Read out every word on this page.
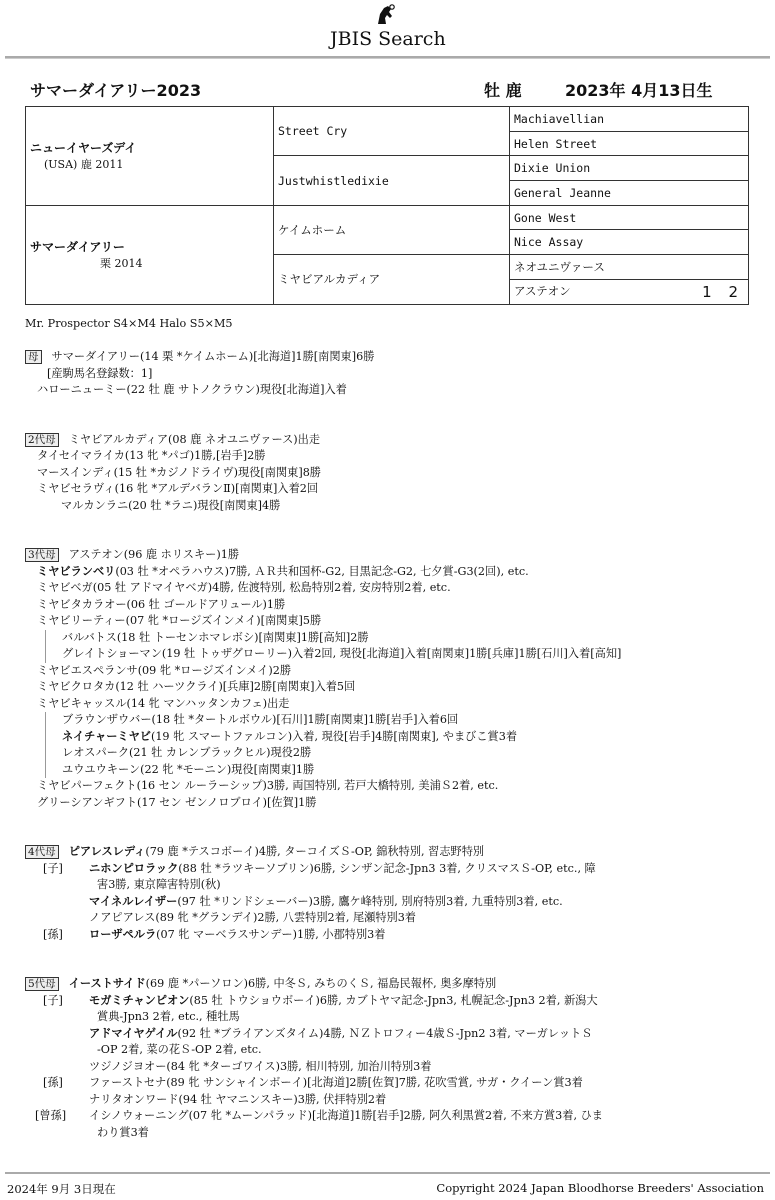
JBIS Search
サマーダイアリー2023	牡 鹿	2023年 4月13日生
ニューイヤーズデイ
(USA) 鹿 2011	Street Cry	Machiavellian
		Helen Street
	Justwhistledixie	Dixie Union
		General Jeanne

サマーダイアリー
栗 2014	ケイムホーム	Gone West
		Nice Assay
	ミヤビアルカディア	ネオユニヴァース
		アステオン 1 2
Mr. Prospector S4×M4 Halo S5×M5
母 サマーダイアリー(14 栗 *ケイムホーム)[北海道]1勝[南関東]6勝
[産駒馬名登録数：1]
ハローニューミー(22 牡 鹿 サトノクラウン)現役[北海道]入着
2代母 ミヤビアルカディア(08 鹿 ネオユニヴァース)出走
タイセイマライカ(13 牝 *パゴ)1勝,[岩手]2勝
マースインディ(15 牡 *カジノドライヴ)現役[南関東]8勝
ミヤビセラヴィ(16 牝 *アルデバランⅡ)[南関東]入着2回
マルカンラニ(20 牡 *ラニ)現役[南関東]4勝
3代母 アステオン(96 鹿 ホリスキー)1勝
ミヤビランベリ(03 牡 *オペラハウス)7勝, ＡＲ共和国杯-G2, 目黒記念-G2, 七夕賞-G3(2回), etc.
ミヤビベガ(05 牡 アドマイヤベガ)4勝, 佐渡特別, 松島特別2着, 安房特別2着, etc.
ミヤビタカラオー(06 牡 ゴールドアリュール)1勝
ミヤビリーティー(07 牝 *ロージズインメイ)[南関東]5勝
バルバトス(18 牡 トーセンホマレボシ)[南関東]1勝[高知]2勝
グレイトショーマン(19 牡 トゥザグローリー)入着2回, 現役[北海道]入着[南関東]1勝[兵庫]1勝[石川]入着[高知]
ミヤビエスペランサ(09 牝 *ロージズインメイ)2勝
ミヤビクロタカ(12 牡 ハーツクライ)[兵庫]2勝[南関東]入着5回
ミヤビキャッスル(14 牝 マンハッタンカフェ)出走
ブラウンザウバー(18 牡 *タートルボウル)[石川]1勝[南関東]1勝[岩手]入着6回
ネイチャーミヤビ(19 牝 スマートファルコン)入着, 現役[岩手]4勝[南関東], やまびこ賞3着
レオスパーク(21 牡 カレンブラックヒル)現役2勝
ユウユウキーン(22 牝 *モーニン)現役[南関東]1勝
ミヤビパーフェクト(16 セン ルーラーシップ)3勝, 両国特別, 若戸大橋特別, 美浦Ｓ2着, etc.
グリーシアンギフト(17 セン ゼンノロブロイ)[佐賀]1勝
4代母 ピアレスレディ(79 鹿 *テスコボーイ)4勝, ターコイズＳ-OP, 錦秋特別, 習志野特別
[子] ニホンピロラック(88 牡 *ラツキーソブリン)6勝, シンザン記念-Jpn3 3着, クリスマスＳ-OP, etc., 障
害3勝, 東京障害特別(秋)
マイネルレイザー(97 牡 *リンドシェーバー)3勝, 鷹ケ峰特別, 別府特別3着, 九重特別3着, etc.
ノアピアレス(89 牝 *グランデイ)2勝, 八雲特別2着, 尾瀬特別3着
[孫] ローザペルラ(07 牝 マーベラスサンデー)1勝, 小郡特別3着
5代母 イーストサイド(69 鹿 *パーソロン)6勝, 中冬Ｓ, みちのくＳ, 福島民報杯, 奥多摩特別
[子] モガミチャンピオン(85 牡 トウショウボーイ)6勝, カブトヤマ記念-Jpn3, 札幌記念-Jpn3 2着, 新潟大
賞典-Jpn3 2着, etc., 種牡馬
アドマイヤゲイル(92 牡 *ブライアンズタイム)4勝, ＮＺトロフィー4歳Ｓ-Jpn2 3着, マーガレットＳ
-OP 2着, 菜の花Ｓ-OP 2着, etc.
ツジノジヨオー(84 牝 *ターゴワイス)3勝, 相川特別, 加治川特別3着
[孫] ファーストセナ(89 牝 サンシャインボーイ)[北海道]2勝[佐賀]7勝, 花吹雪賞, サガ・クイーン賞3着
ナリタオンワード(94 牡 ヤマニンスキー)3勝, 伏拝特別2着
[曾孫] イシノウォーニング(07 牝 *ムーンパラッド)[北海道]1勝[岩手]2勝, 阿久利黒賞2着, 不来方賞3着, ひま
わり賞3着
2024年 9月 3日現在	Copyright 2024 Japan Bloodhorse Breeders' Association
